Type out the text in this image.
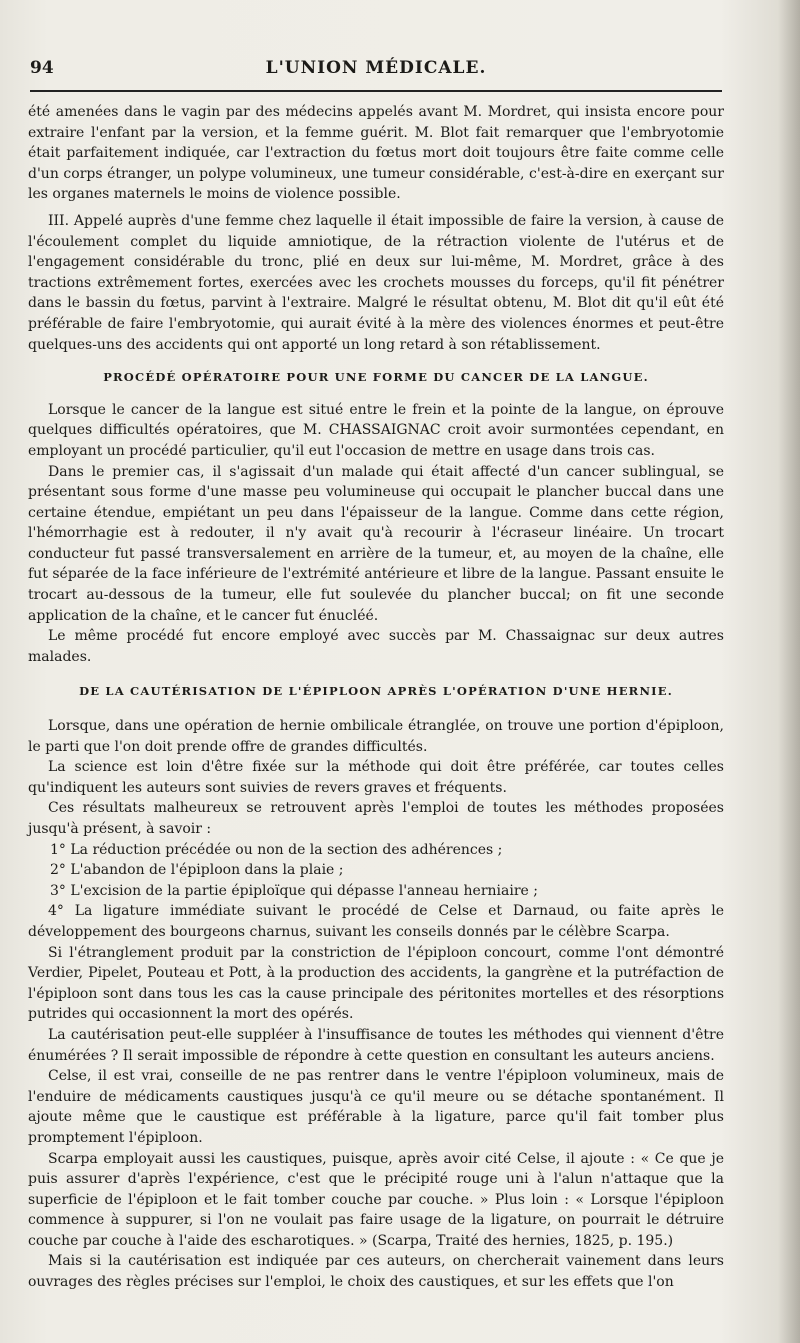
94	L'UNION MÉDICALE.

été amenées dans le vagin par des médecins appelés avant M. Mordret, qui insista encore pour extraire l'enfant par la version, et la femme guérit. M. Blot fait remarquer que l'embryotomie était parfaitement indiquée, car l'extraction du fœtus mort doit toujours être faite comme celle d'un corps étranger, un polype volumineux, une tumeur considérable, c'est-à-dire en exerçant sur les organes maternels le moins de violence possible.

III. Appelé auprès d'une femme chez laquelle il était impossible de faire la version, à cause de l'écoulement complet du liquide amniotique, de la rétraction violente de l'utérus et de l'engagement considérable du tronc, plié en deux sur lui-même, M. Mordret, grâce à des tractions extrêmement fortes, exercées avec les crochets mousses du forceps, qu'il fit pénétrer dans le bassin du fœtus, parvint à l'extraire. Malgré le résultat obtenu, M. Blot dit qu'il eût été préférable de faire l'embryotomie, qui aurait évité à la mère des violences énormes et peut-être quelques-uns des accidents qui ont apporté un long retard à son rétablissement.

PROCÉDÉ OPÉRATOIRE POUR UNE FORME DU CANCER DE LA LANGUE.

Lorsque le cancer de la langue est situé entre le frein et la pointe de la langue, on éprouve quelques difficultés opératoires, que M. CHASSAIGNAC croit avoir surmontées cependant, en employant un procédé particulier, qu'il eut l'occasion de mettre en usage dans trois cas.

Dans le premier cas, il s'agissait d'un malade qui était affecté d'un cancer sublingual, se présentant sous forme d'une masse peu volumineuse qui occupait le plancher buccal dans une certaine étendue, empiétant un peu dans l'épaisseur de la langue. Comme dans cette région, l'hémorrhagie est à redouter, il n'y avait qu'à recourir à l'écraseur linéaire. Un trocart conducteur fut passé transversalement en arrière de la tumeur, et, au moyen de la chaîne, elle fut séparée de la face inférieure de l'extrémité antérieure et libre de la langue. Passant ensuite le trocart au-dessous de la tumeur, elle fut soulevée du plancher buccal; on fit une seconde application de la chaîne, et le cancer fut énucléé.

Le même procédé fut encore employé avec succès par M. Chassaignac sur deux autres malades.

DE LA CAUTÉRISATION DE L'ÉPIPLOON APRÈS L'OPÉRATION D'UNE HERNIE.

Lorsque, dans une opération de hernie ombilicale étranglée, on trouve une portion d'épiploon, le parti que l'on doit prende offre de grandes difficultés.

La science est loin d'être fixée sur la méthode qui doit être préférée, car toutes celles qu'indiquent les auteurs sont suivies de revers graves et fréquents.

Ces résultats malheureux se retrouvent après l'emploi de toutes les méthodes proposées jusqu'à présent, à savoir :

1° La réduction précédée ou non de la section des adhérences ;

2° L'abandon de l'épiploon dans la plaie ;

3° L'excision de la partie épiploïque qui dépasse l'anneau herniaire ;

4° La ligature immédiate suivant le procédé de Celse et Darnaud, ou faite après le développement des bourgeons charnus, suivant les conseils donnés par le célèbre Scarpa.

Si l'étranglement produit par la constriction de l'épiploon concourt, comme l'ont démontré Verdier, Pipelet, Pouteau et Pott, à la production des accidents, la gangrène et la putréfaction de l'épiploon sont dans tous les cas la cause principale des péritonites mortelles et des résorptions putrides qui occasionnent la mort des opérés.

La cautérisation peut-elle suppléer à l'insuffisance de toutes les méthodes qui viennent d'être énumérées ? Il serait impossible de répondre à cette question en consultant les auteurs anciens.

Celse, il est vrai, conseille de ne pas rentrer dans le ventre l'épiploon volumineux, mais de l'enduire de médicaments caustiques jusqu'à ce qu'il meure ou se détache spontanément. Il ajoute même que le caustique est préférable à la ligature, parce qu'il fait tomber plus promptement l'épiploon.

Scarpa employait aussi les caustiques, puisque, après avoir cité Celse, il ajoute : « Ce que je puis assurer d'après l'expérience, c'est que le précipité rouge uni à l'alun n'attaque que la superficie de l'épiploon et le fait tomber couche par couche. » Plus loin : « Lorsque l'épiploon commence à suppurer, si l'on ne voulait pas faire usage de la ligature, on pourrait le détruire couche par couche à l'aide des escharotiques. » (Scarpa, Traité des hernies, 1825, p. 195.)

Mais si la cautérisation est indiquée par ces auteurs, on chercherait vainement dans leurs ouvrages des règles précises sur l'emploi, le choix des caustiques, et sur les effets que l'on
